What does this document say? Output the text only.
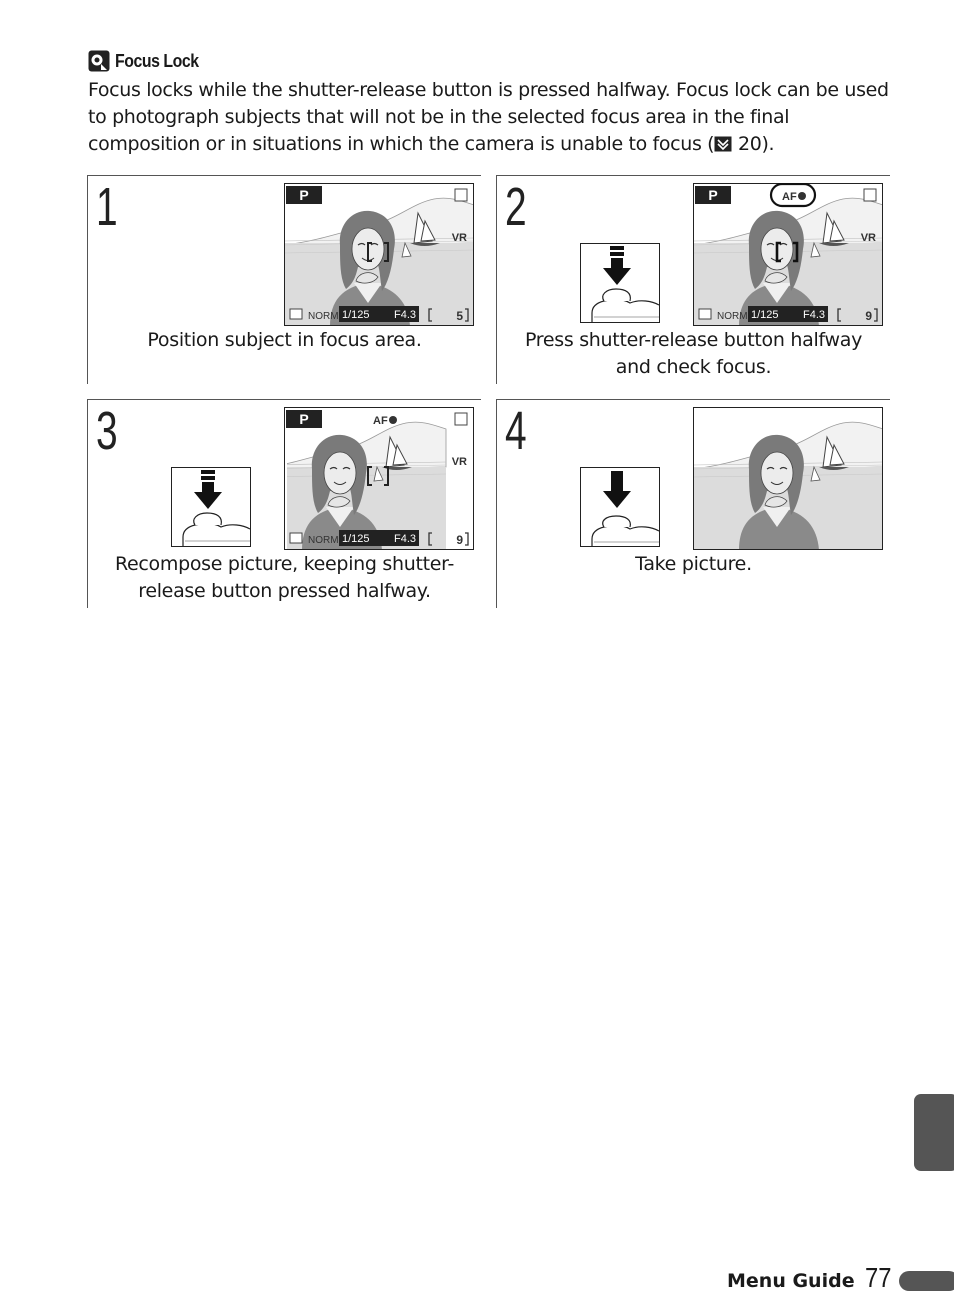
Focus Lock

Focus locks while the shutter-release button is pressed halfway. Focus lock can be used to photograph subjects that will not be in the selected focus area in the final composition or in situations in which the camera is unable to focus ( 20).

1	P
VR
NORM 1/125 F4.3	5
Position subject in focus area.
2	P	AF
VR
NORM 1/125 F4.3	9
Press shutter-release button halfway
and check focus.
3	P	AF
VR
NORM 1/125 F4.3	9
Recompose picture, keeping shutter-
release button pressed halfway.
4
Take picture.
Menu Guide 77
